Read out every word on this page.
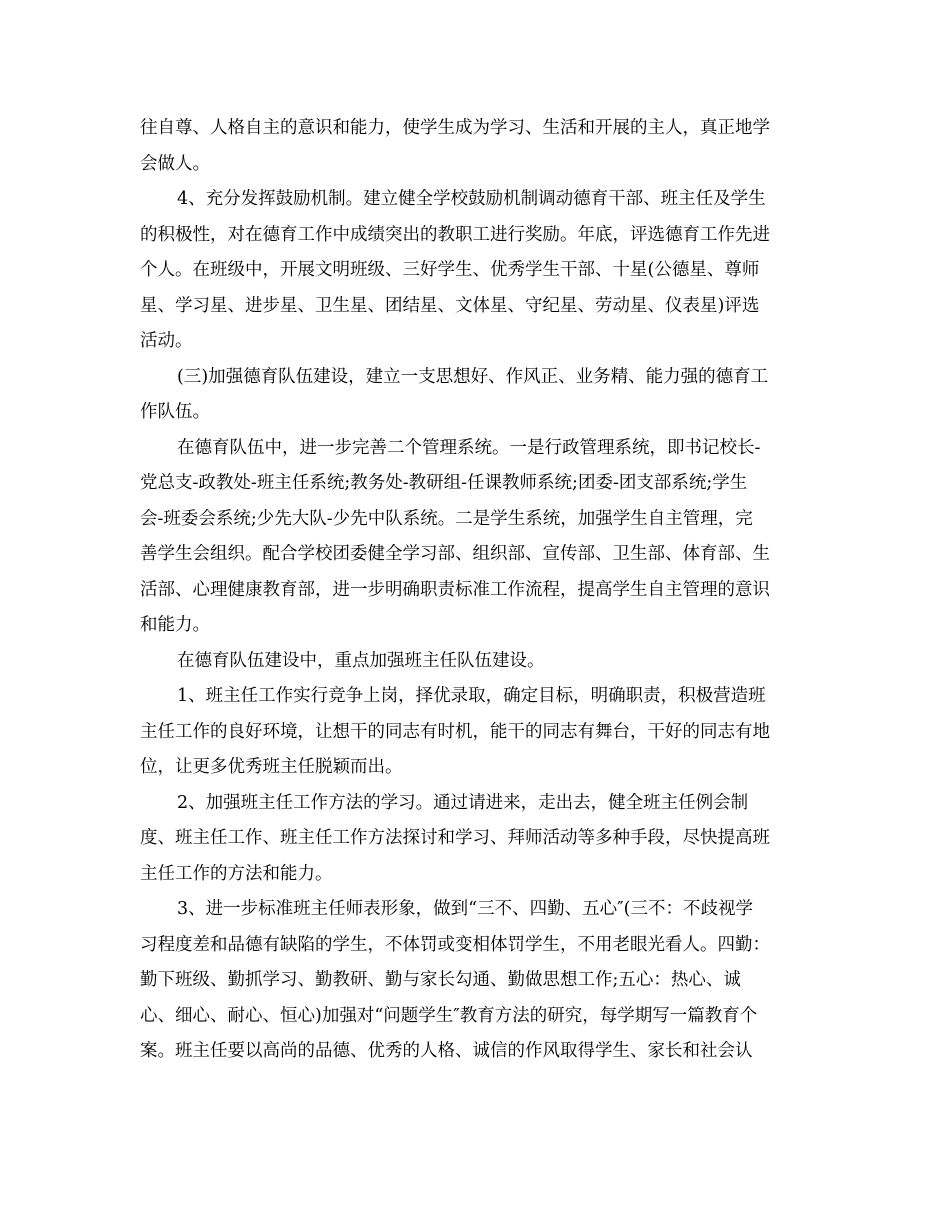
往自尊、人格自主的意识和能力，使学生成为学习、生活和开展的主人，真正地学
会做人。
4、充分发挥鼓励机制。建立健全学校鼓励机制调动德育干部、班主任及学生
的积极性，对在德育工作中成绩突出的教职工进行奖励。年底，评选德育工作先进
个人。在班级中，开展文明班级、三好学生、优秀学生干部、十星(公德星、尊师
星、学习星、进步星、卫生星、团结星、文体星、守纪星、劳动星、仪表星)评选
活动。
(三)加强德育队伍建设，建立一支思想好、作风正、业务精、能力强的德育工
作队伍。
在德育队伍中，进一步完善二个管理系统。一是行政管理系统，即书记校长-
党总支-政教处-班主任系统;教务处-教研组-任课教师系统;团委-团支部系统;学生
会-班委会系统;少先大队-少先中队系统。二是学生系统，加强学生自主管理，完
善学生会组织。配合学校团委健全学习部、组织部、宣传部、卫生部、体育部、生
活部、心理健康教育部，进一步明确职责标准工作流程，提高学生自主管理的意识
和能力。
在德育队伍建设中，重点加强班主任队伍建设。
1、班主任工作实行竞争上岗，择优录取，确定目标，明确职责，积极营造班
主任工作的良好环境，让想干的同志有时机，能干的同志有舞台，干好的同志有地
位，让更多优秀班主任脱颖而出。
2、加强班主任工作方法的学习。通过请进来，走出去，健全班主任例会制
度、班主任工作、班主任工作方法探讨和学习、拜师活动等多种手段，尽快提高班
主任工作的方法和能力。
3、进一步标准班主任师表形象，做到“三不、四勤、五心″(三不：不歧视学
习程度差和品德有缺陷的学生，不体罚或变相体罚学生，不用老眼光看人。四勤：
勤下班级、勤抓学习、勤教研、勤与家长勾通、勤做思想工作;五心：热心、诚
心、细心、耐心、恒心)加强对“问题学生″教育方法的研究，每学期写一篇教育个
案。班主任要以高尚的品德、优秀的人格、诚信的作风取得学生、家长和社会认
